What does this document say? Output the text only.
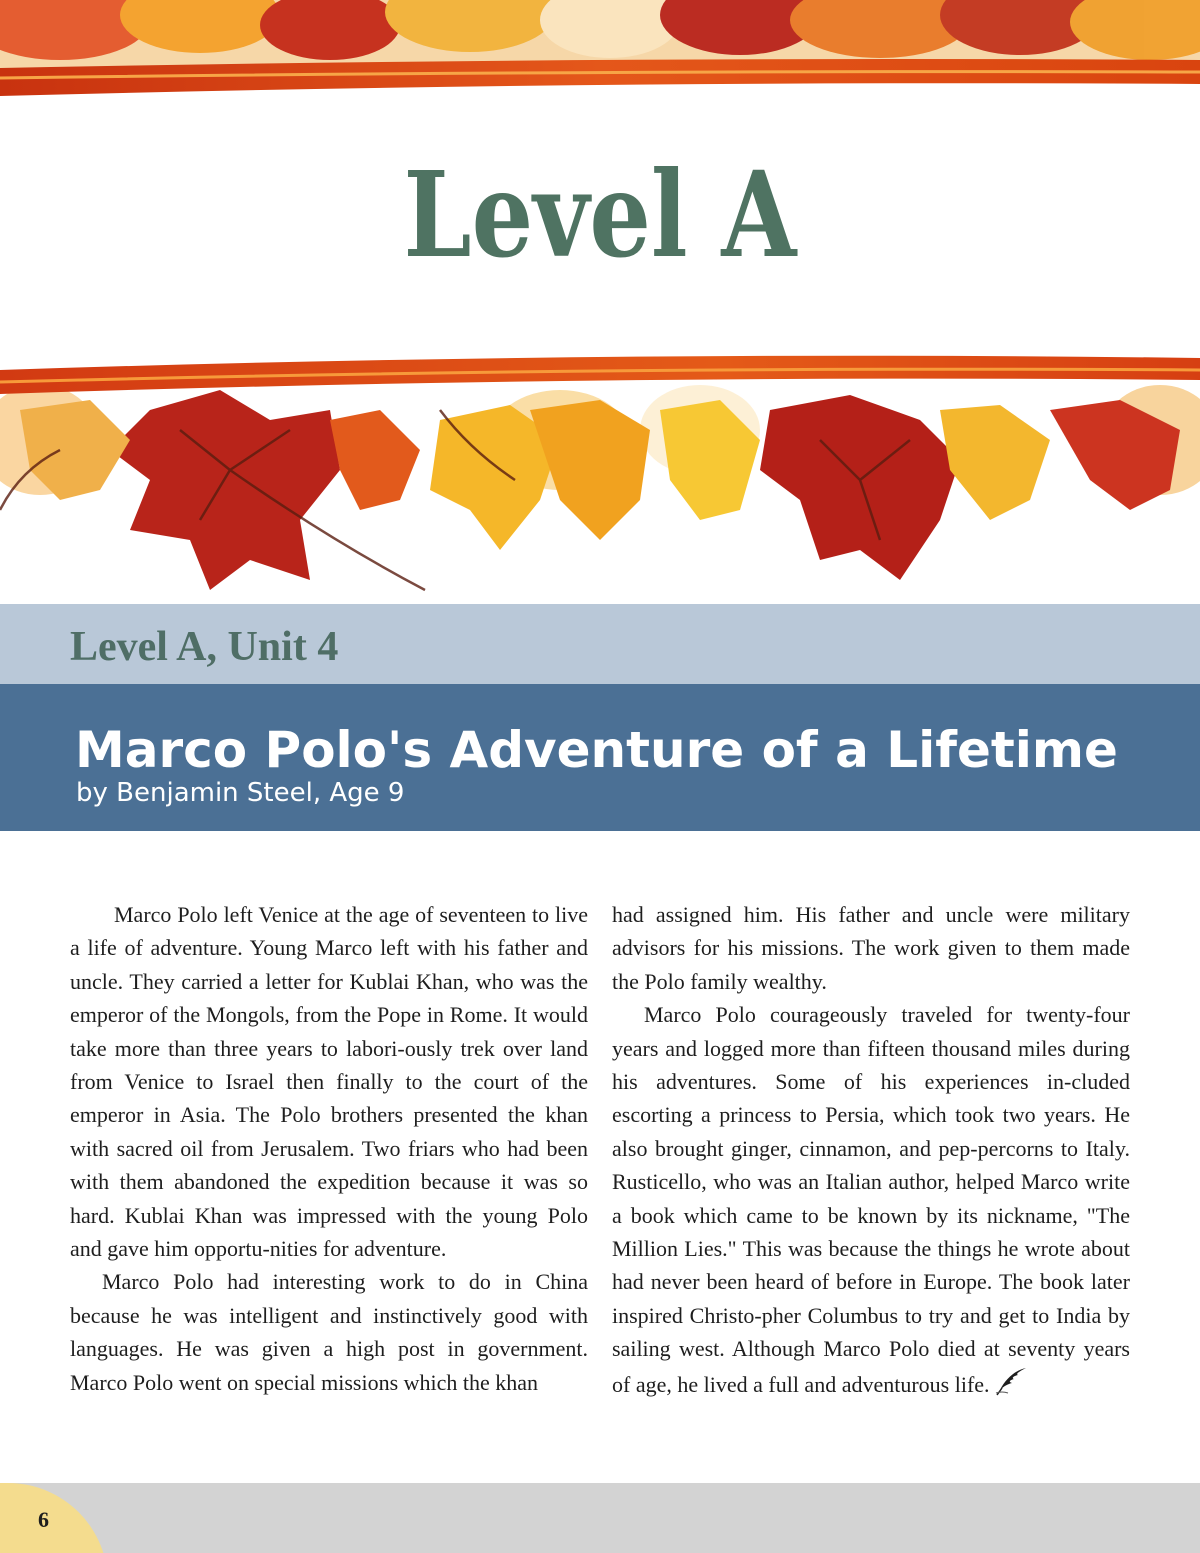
Level A
Level A, Unit 4
Marco Polo's Adventure of a Lifetime

by Benjamin Steel, Age 9

Marco Polo left Venice at the age of seventeen to live a life of adventure. Young Marco left with his father and uncle. They carried a letter for Kublai Khan, who was the emperor of the Mongols, from the Pope in Rome. It would take more than three years to labori-ously trek over land from Venice to Israel then finally to the court of the emperor in Asia. The Polo brothers presented the khan with sacred oil from Jerusalem. Two friars who had been with them abandoned the expedition because it was so hard. Kublai Khan was impressed with the young Polo and gave him opportu-nities for adventure.

Marco Polo had interesting work to do in China because he was intelligent and instinctively good with languages. He was given a high post in government. Marco Polo went on special missions which the khan

had assigned him. His father and uncle were military advisors for his missions. The work given to them made the Polo family wealthy.

Marco Polo courageously traveled for twenty-four years and logged more than fifteen thousand miles during his adventures. Some of his experiences in-cluded escorting a princess to Persia, which took two years. He also brought ginger, cinnamon, and pep-percorns to Italy. Rusticello, who was an Italian author, helped Marco write a book which came to be known by its nickname, "The Million Lies." This was because the things he wrote about had never been heard of before in Europe. The book later inspired Christo-pher Columbus to try and get to India by sailing west. Although Marco Polo died at seventy years of age, he lived a full and adventurous life.

6
